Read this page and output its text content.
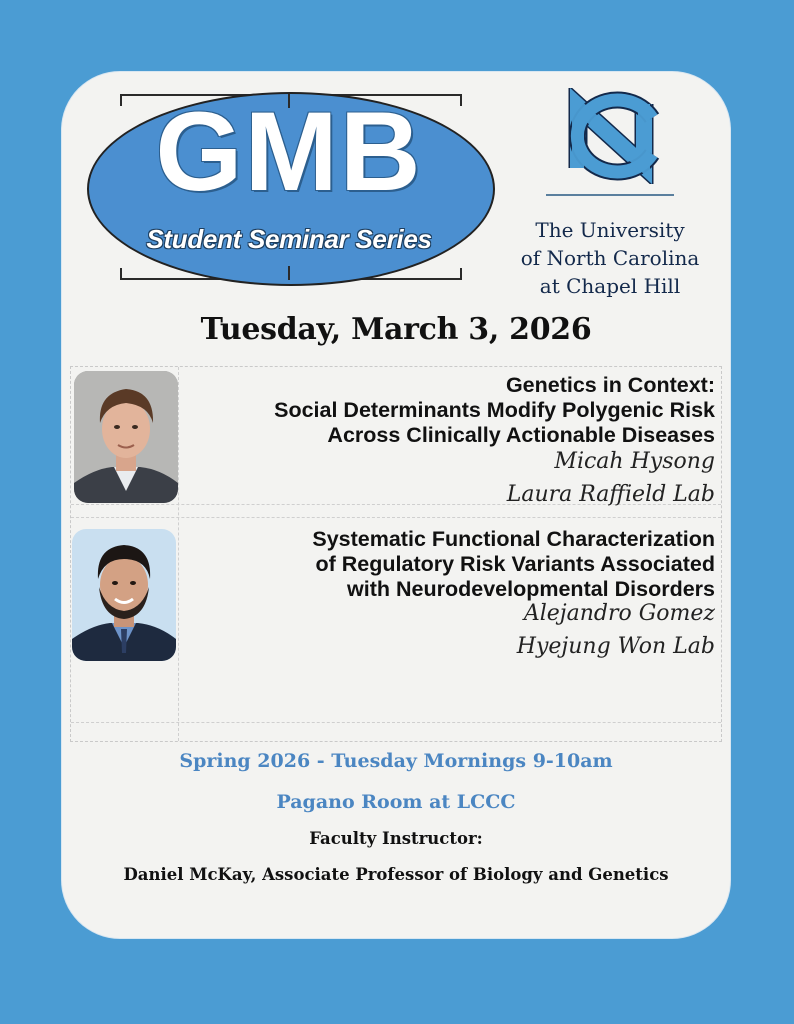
GMB
Student Seminar Series	The University
of North Carolina
at Chapel Hill
Tuesday, March 3, 2026
Genetics in Context:
Social Determinants Modify Polygenic Risk
Across Clinically Actionable Diseases
Micah Hysong
Laura Raffield Lab
Systematic Functional Characterization
of Regulatory Risk Variants Associated
with Neurodevelopmental Disorders
Alejandro Gomez
Hyejung Won Lab
Spring 2026 - Tuesday Mornings 9-10am
Pagano Room at LCCC
Faculty Instructor:
Daniel McKay, Associate Professor of Biology and Genetics
